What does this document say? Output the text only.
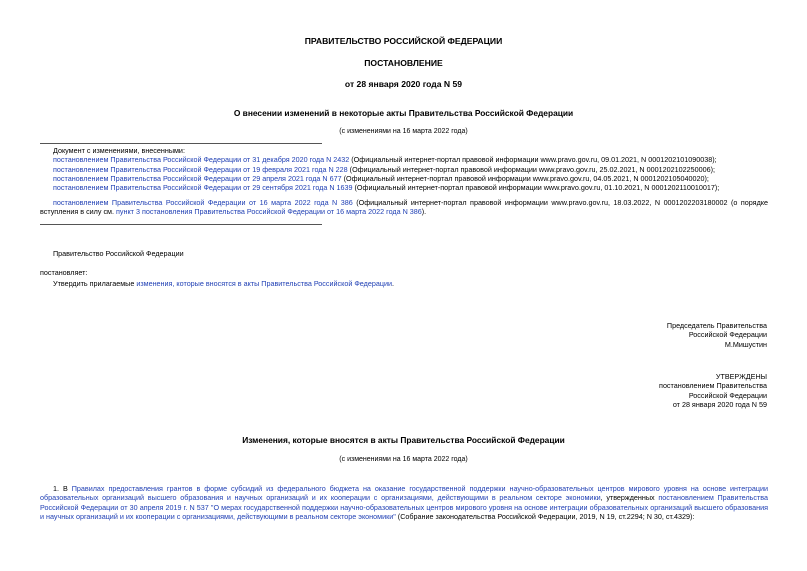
ПРАВИТЕЛЬСТВО РОССИЙСКОЙ ФЕДЕРАЦИИ
ПОСТАНОВЛЕНИЕ
от 28 января 2020 года N 59
О внесении изменений в некоторые акты Правительства Российской Федерации
(с изменениями на 16 марта 2022 года)

Документ с изменениями, внесенными:

постановлением Правительства Российской Федерации от 31 декабря 2020 года N 2432 (Официальный интернет-портал правовой информации www.pravo.gov.ru, 09.01.2021, N 0001202101090038);

постановлением Правительства Российской Федерации от 19 февраля 2021 года N 228 (Официальный интернет-портал правовой информации www.pravo.gov.ru, 25.02.2021, N 0001202102250006);

постановлением Правительства Российской Федерации от 29 апреля 2021 года N 677 (Официальный интернет-портал правовой информации www.pravo.gov.ru, 04.05.2021, N 0001202105040020);

постановлением Правительства Российской Федерации от 29 сентября 2021 года N 1639 (Официальный интернет-портал правовой информации www.pravo.gov.ru, 01.10.2021, N 0001202110010017);

постановлением Правительства Российской Федерации от 16 марта 2022 года N 386 (Официальный интернет-портал правовой информации www.pravo.gov.ru, 18.03.2022, N 0001202203180002 (о порядке вступления в силу см. пункт 3 постановления Правительства Российской Федерации от 16 марта 2022 года N 386).
Правительство Российской Федерации
постановляет:
Утвердить прилагаемые изменения, которые вносятся в акты Правительства Российской Федерации.

Председатель Правительства

Российской Федерации

М.Мишустин

УТВЕРЖДЕНЫ

постановлением Правительства

Российской Федерации

от 28 января 2020 года N 59

Изменения, которые вносятся в акты Правительства Российской Федерации
(с изменениями на 16 марта 2022 года)
1. В Правилах предоставления грантов в форме субсидий из федерального бюджета на оказание государственной поддержки научно-образовательных центров мирового уровня на основе интеграции образовательных организаций высшего образования и научных организаций и их кооперации с организациями, действующими в реальном секторе экономики, утвержденных постановлением Правительства Российской Федерации от 30 апреля 2019 г. N 537 "О мерах государственной поддержки научно-образовательных центров мирового уровня на основе интеграции образовательных организаций высшего образования и научных организаций и их кооперации с организациями, действующими в реальном секторе экономики" (Собрание законодательства Российской Федерации, 2019, N 19, ст.2294; N 30, ст.4329):
